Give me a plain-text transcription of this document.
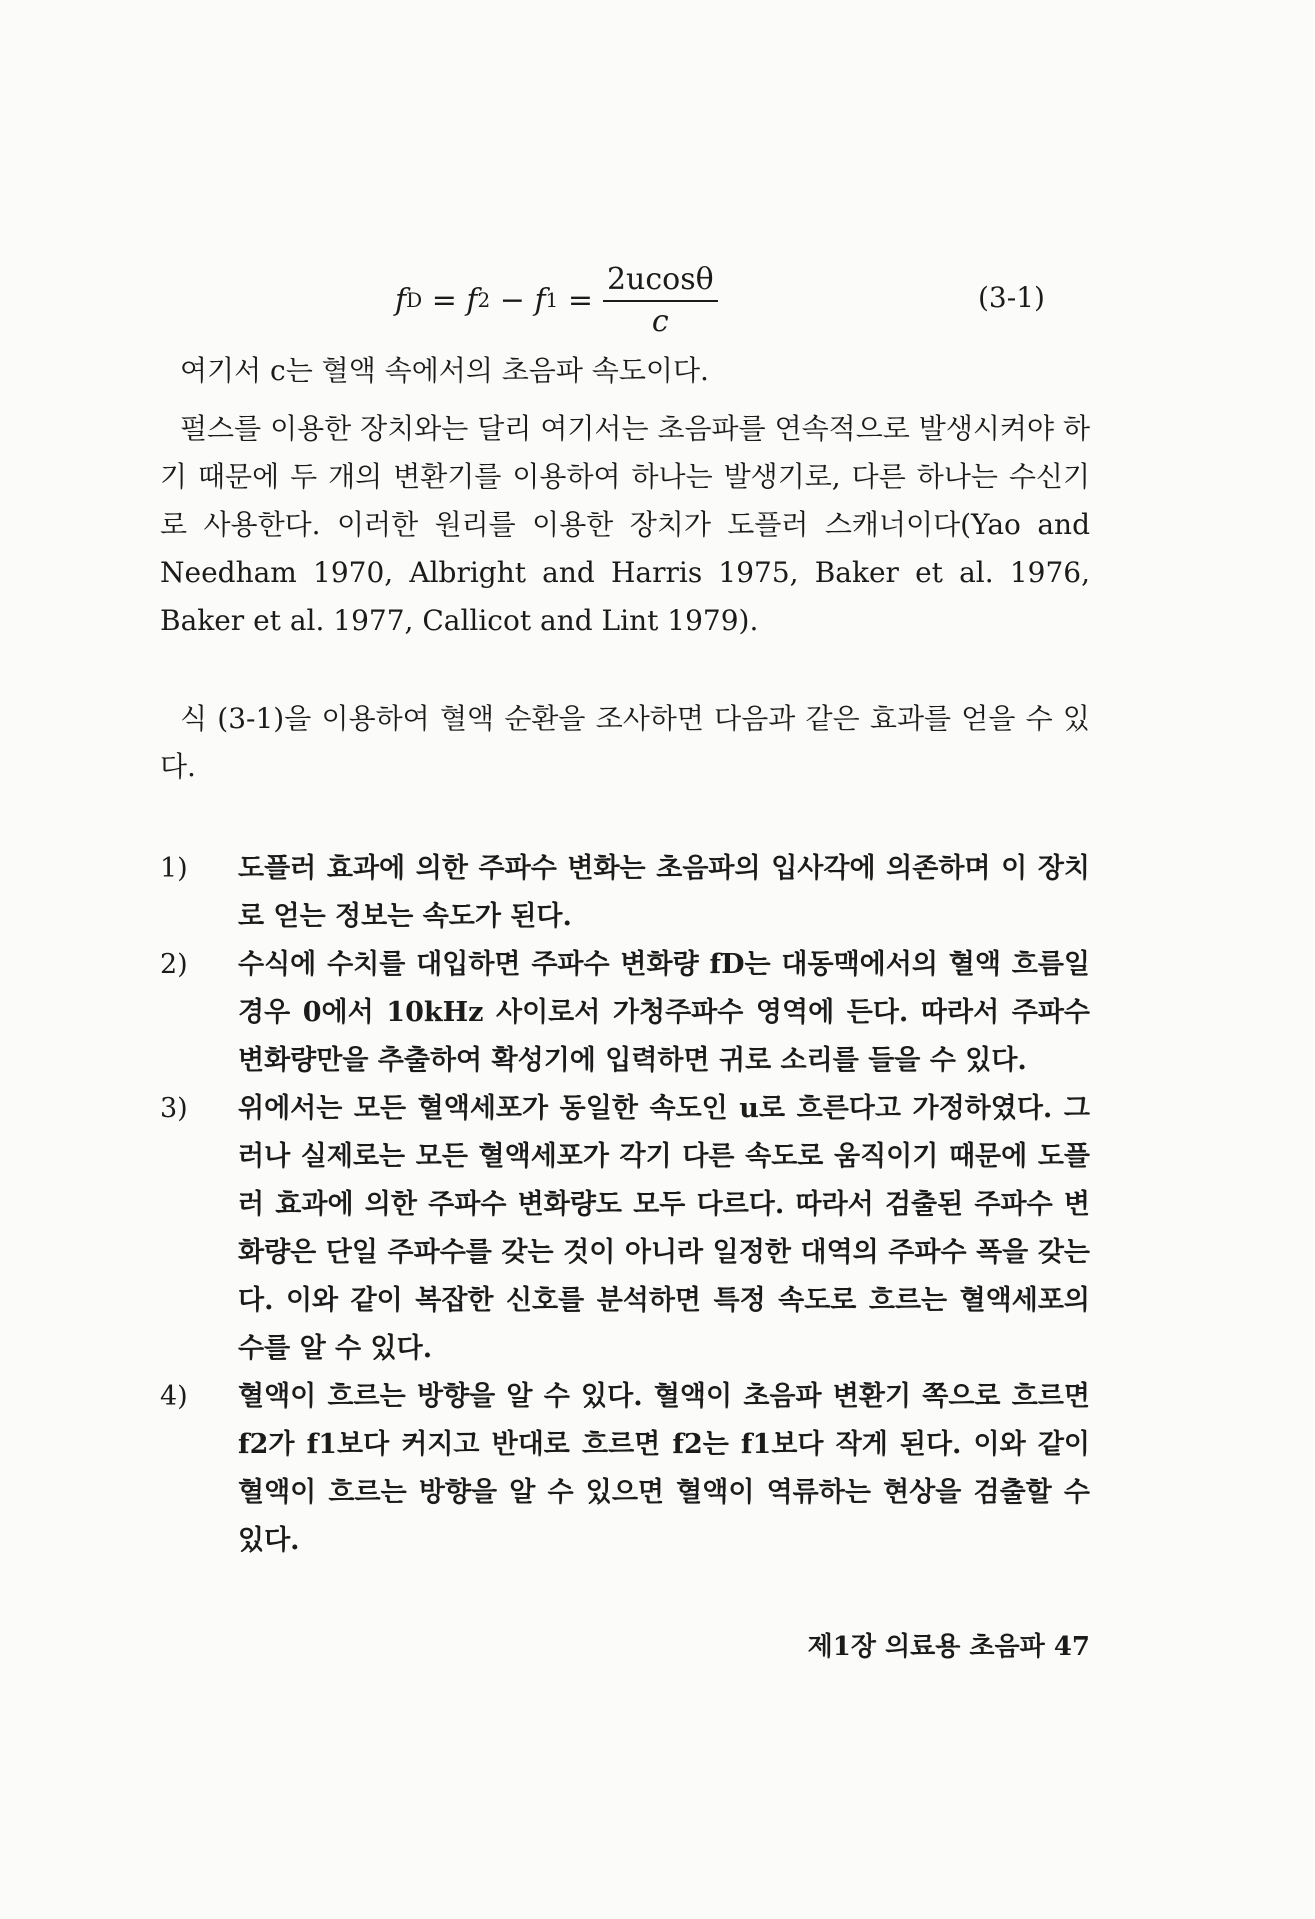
f D = f 2 − f $1 = \frac{2ucos\theta}{c}$	(3-1)

여기서 c는 혈액 속에서의 초음파 속도이다.

펄스를 이용한 장치와는 달리 여기서는 초음파를 연속적으로 발생시켜야 하기 때문에 두 개의 변환기를 이용하여 하나는 발생기로, 다른 하나는 수신기로 사용한다. 이러한 원리를 이용한 장치가 도플러 스캐너이다(Yao and Needham 1970, Albright and Harris 1975, Baker et al. 1976, Baker et al. 1977, Callicot and Lint 1979).

식 (3-1)을 이용하여 혈액 순환을 조사하면 다음과 같은 효과를 얻을 수 있다.

1)	도플러 효과에 의한 주파수 변화는 초음파의 입사각에 의존하며 이 장치로 얻는 정보는 속도가 된다.
2)	수식에 수치를 대입하면 주파수 변화량 fD는 대동맥에서의 혈액 흐름일 경우 0에서 10kHz 사이로서 가청주파수 영역에 든다. 따라서 주파수 변화량만을 추출하여 확성기에 입력하면 귀로 소리를 들을 수 있다.
3)	위에서는 모든 혈액세포가 동일한 속도인 u로 흐른다고 가정하였다. 그러나 실제로는 모든 혈액세포가 각기 다른 속도로 움직이기 때문에 도플러 효과에 의한 주파수 변화량도 모두 다르다. 따라서 검출된 주파수 변화량은 단일 주파수를 갖는 것이 아니라 일정한 대역의 주파수 폭을 갖는다. 이와 같이 복잡한 신호를 분석하면 특정 속도로 흐르는 혈액세포의 수를 알 수 있다.
4)	혈액이 흐르는 방향을 알 수 있다. 혈액이 초음파 변환기 쪽으로 흐르면 f2가 f1보다 커지고 반대로 흐르면 f2는 f1보다 작게 된다. 이와 같이 혈액이 흐르는 방향을 알 수 있으면 혈액이 역류하는 현상을 검출할 수 있다.
제1장 의료용 초음파 47
